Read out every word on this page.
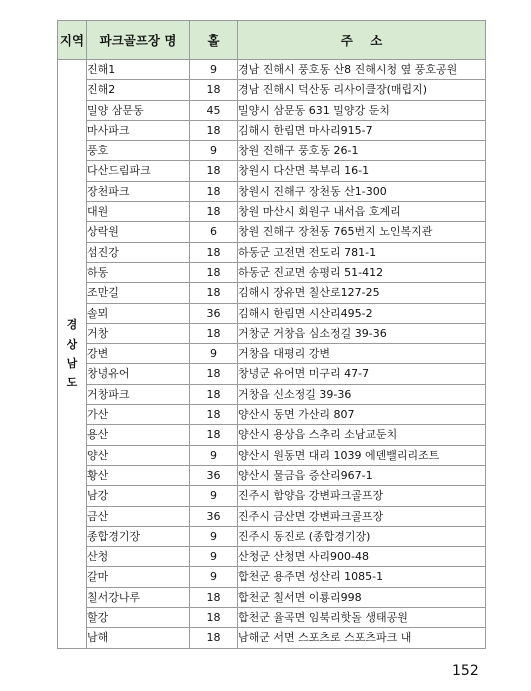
지역	파크골프장 명	홀	주    소

경
상
남
도	진해1	9	경남 진해시 풍호동 산8 진해시청 옆 풍호공원
	진해2	18	경남 진해시 덕산동 리사이클장(매립지)
	밀양 삼문동	45	밀양시 삼문동 631 밀양강 둔치
	마사파크	18	김해시 한림면 마사리915-7
	풍호	9	창원 진해구 풍호동 26-1
	다산드림파크	18	창원시 다산면 북부리 16-1
	장천파크	18	창원시 진해구 장천동 산1-300
	대원	18	창원 마산시 회원구 내서읍 호계리
	상락원	6	창원 진해구 장천동 765번지 노인복지관
	섬진강	18	하동군 고전면 전도리 781-1
	하동	18	하동군 진교면 송평리 51-412
	조만길	18	김해시 장유면 칠산로127-25
	솔뫼	36	김해시 한림면 시산리495-2
	거창	18	거창군 거창읍 심소정길 39-36
	강변	9	거창읍 대평리 강변
	창녕유어	18	창녕군 유어면 미구리 47-7
	거창파크	18	거창읍 신소정길 39-36
	가산	18	양산시 동면 가산리 807
	용산	18	양산시 용상읍 스추리 소남교둔치
	양산	9	양산시 원동면 대리 1039 에덴밸리리조트
	황산	36	양산시 물금읍 증산리967-1
	남강	9	진주시 함양읍 강변파크골프장
	금산	36	진주시 금산면 강변파크골프장
	종합경기장	9	진주시 동진로 (종합경기장)
	산청	9	산청군 산청면 사리900-48
	갈마	9	합천군 용주면 성산리 1085-1
	칠서강나루	18	합천군 칠서면 이룡리998
	할강	18	합천군 율곡면 임북리핫돌 생태공원
	남해	18	남해군 서면 스포츠로 스포츠파크 내
152
